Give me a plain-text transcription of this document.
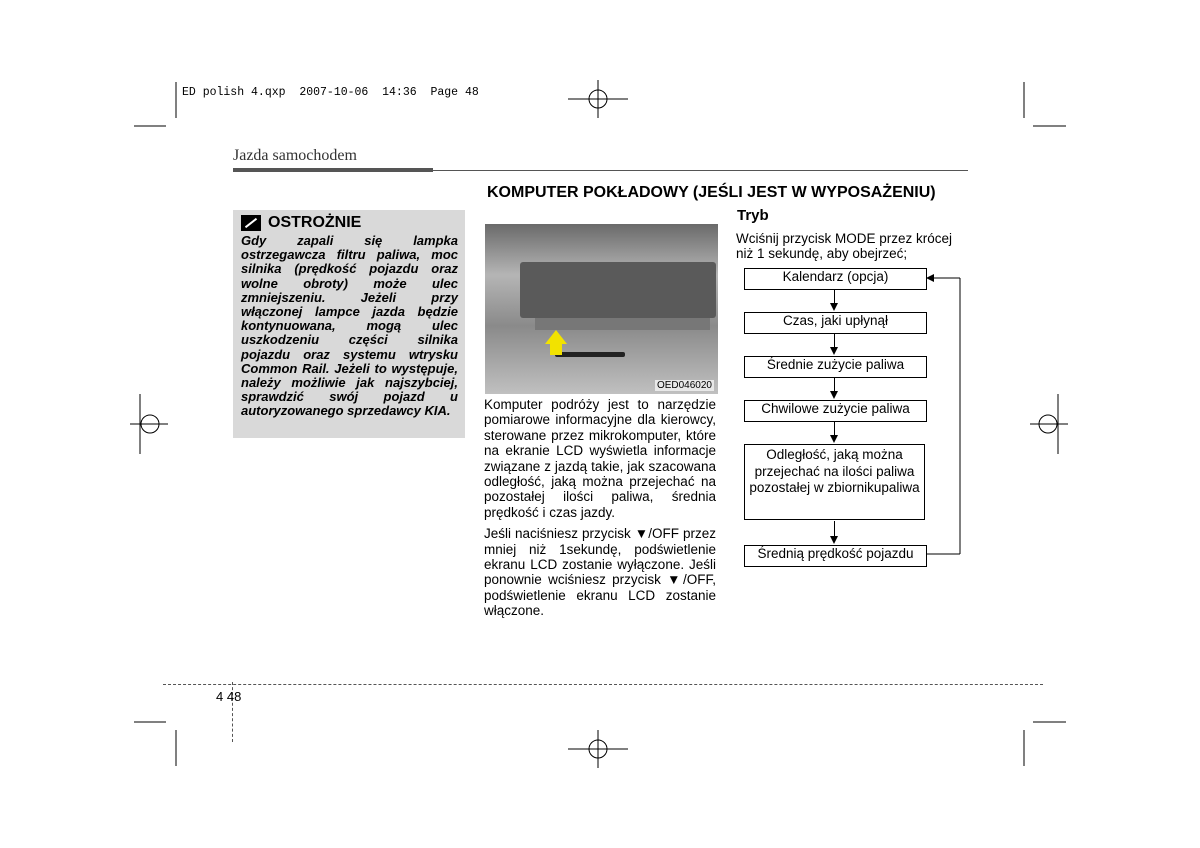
ED polish 4.qxp  2007-10-06  14:36  Page 48
Jazda samochodem
KOMPUTER POKŁADOWY (JEŚLI JEST W WYPOSAŻENIU)
OSTROŻNIE
Gdy zapali się lampka ostrzegawcza filtru paliwa, moc silnika (prędkość pojazdu oraz wolne obroty) może ulec zmniejszeniu. Jeżeli przy włączonej lampce jazda będzie kontynuowana, mogą ulec uszkodzeniu części silnika pojazdu oraz systemu wtrysku Common Rail. Jeżeli to występuje, należy możliwie jak najszybciej, sprawdzić swój pojazd u autoryzowanego sprzedawcy KIA.
OED046020

Komputer podróży jest to narzędzie pomiarowe informacyjne dla kierowcy, sterowane przez mikrokomputer, które na ekranie LCD wyświetla informacje związane z jazdą takie, jak szacowana odległość, jaką można przejechać na pozostałej ilości paliwa, średnia prędkość i czas jazdy.

Jeśli naciśniesz przycisk ▼/OFF przez mniej niż 1sekundę, podświetlenie ekranu LCD zostanie wyłączone. Jeśli ponownie wciśniesz przycisk ▼/OFF, podświetlenie ekranu LCD zostanie włączone.

Tryb
Wciśnij przycisk MODE przez krócej niż 1 sekundę, aby obejrzeć;
Kalendarz (opcja)
Czas, jaki upłynął
Średnie zużycie paliwa
Chwilowe zużycie paliwa
Odległość, jaką można przejechać na ilości paliwa pozostałej w zbiornikupaliwa
Średnią prędkość pojazdu
4 48
